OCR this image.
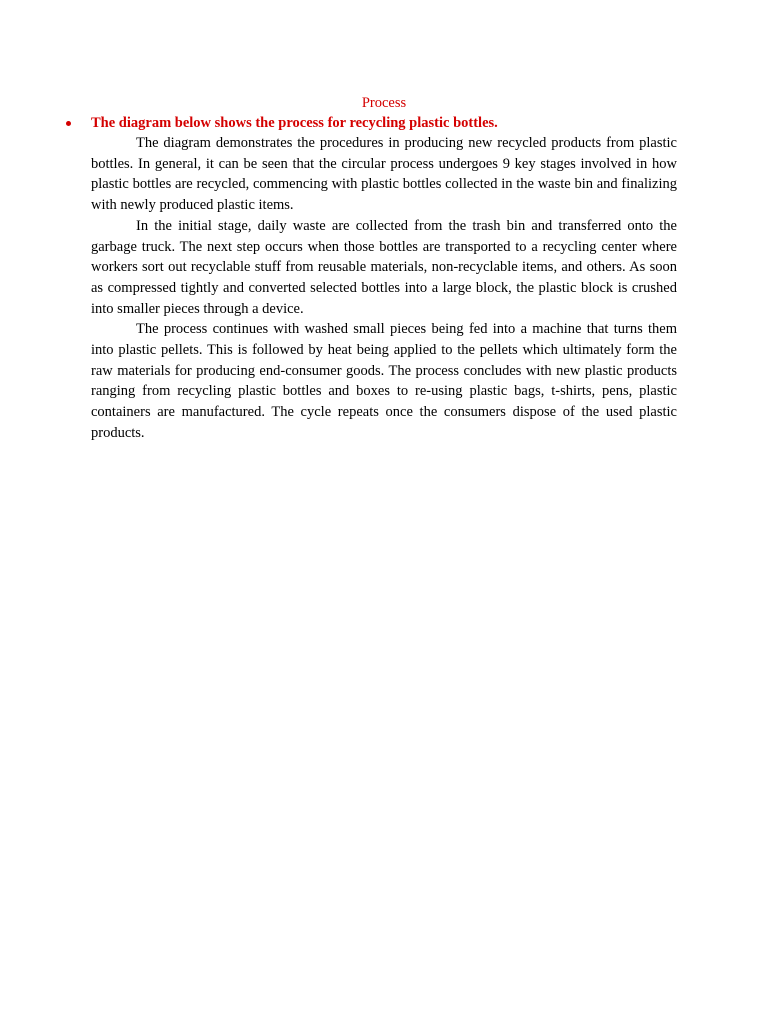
Process
The diagram below shows the process for recycling plastic bottles.

The diagram demonstrates the procedures in producing new recycled products from plastic bottles. In general, it can be seen that the circular process undergoes 9 key stages involved in how plastic bottles are recycled, commencing with plastic bottles collected in the waste bin and finalizing with newly produced plastic items.

In the initial stage, daily waste are collected from the trash bin and transferred onto the garbage truck. The next step occurs when those bottles are transported to a recycling center where workers sort out recyclable stuff from reusable materials, non-recyclable items, and others. As soon as compressed tightly and converted selected bottles into a large block, the plastic block is crushed into smaller pieces through a device.

The process continues with washed small pieces being fed into a machine that turns them into plastic pellets. This is followed by heat being applied to the pellets which ultimately form the raw materials for producing end-consumer goods. The process concludes with new plastic products ranging from recycling plastic bottles and boxes to re-using plastic bags, t-shirts, pens, plastic containers are manufactured. The cycle repeats once the consumers dispose of the used plastic products.
